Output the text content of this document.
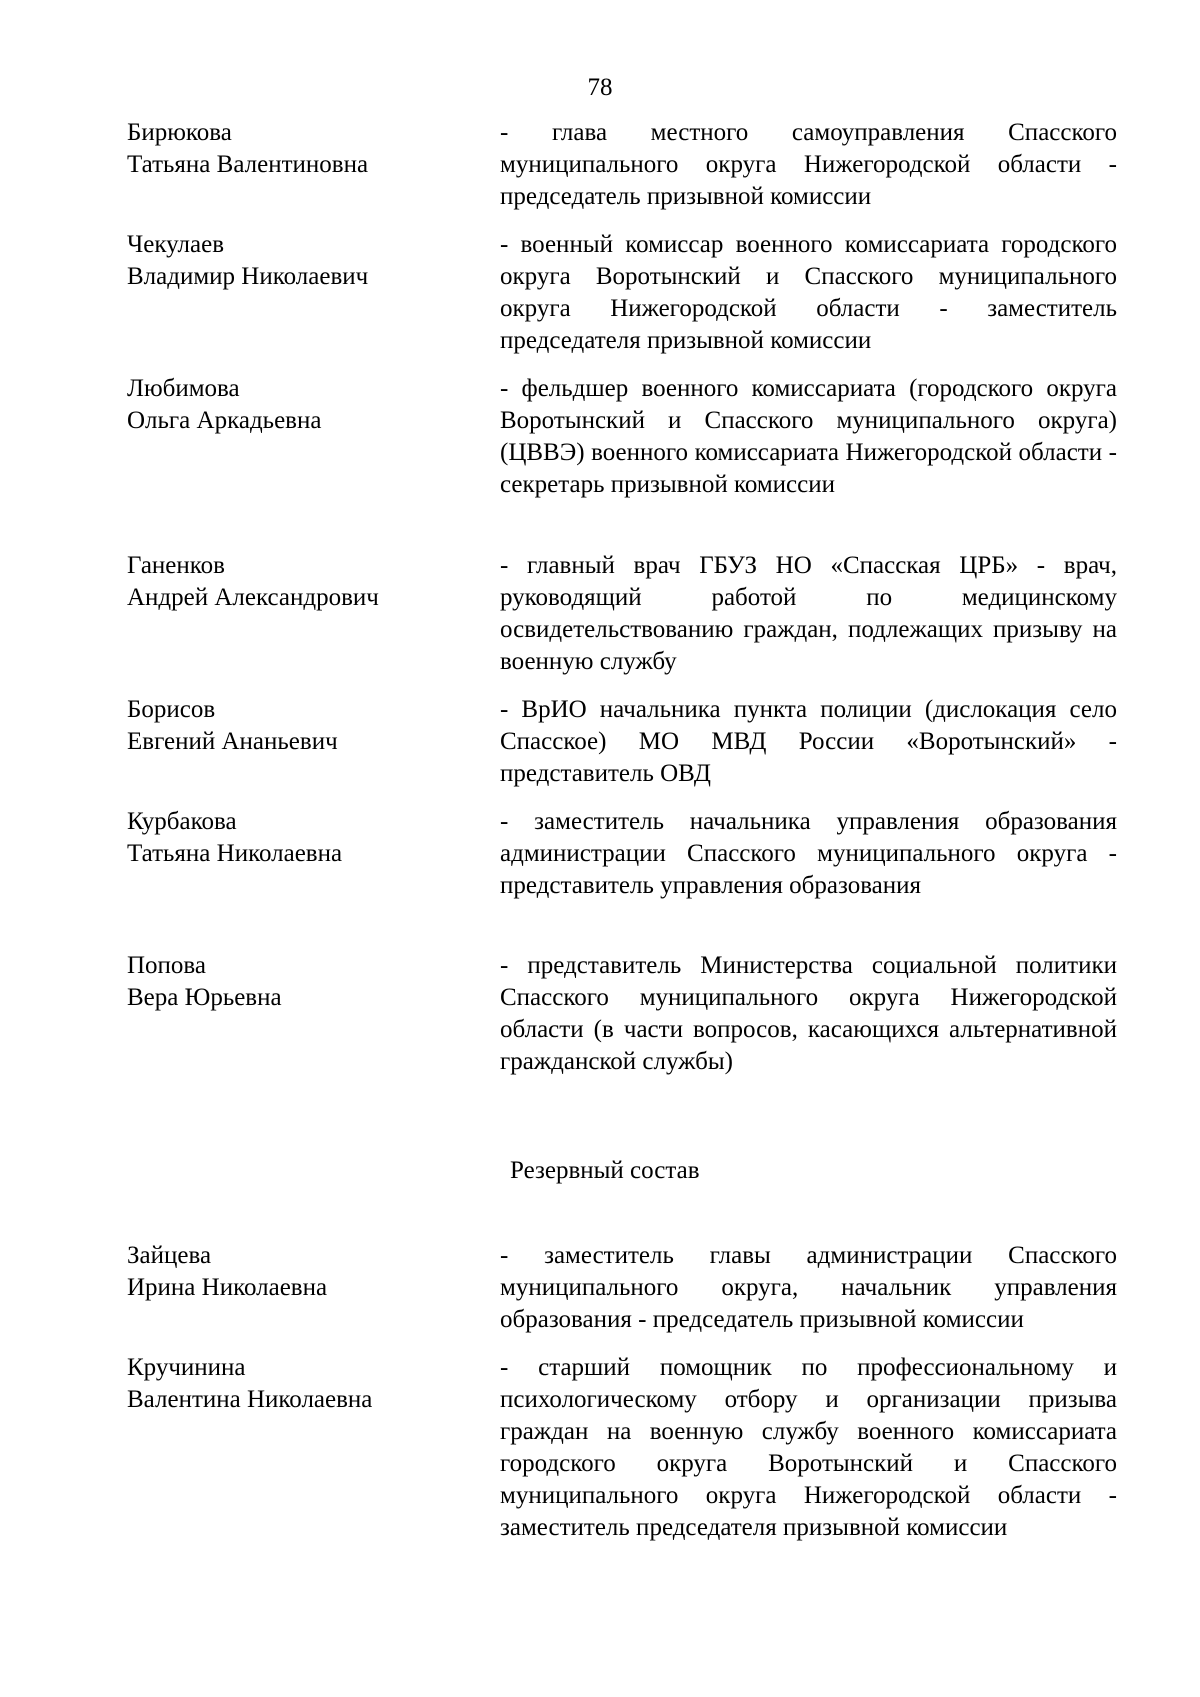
78
Бирюкова
Татьяна Валентиновна
- глава местного самоуправления Спасского муниципального округа Нижегородской области - председатель призывной комиссии
Чекулаев
Владимир Николаевич
- военный комиссар военного комиссариата городского округа Воротынский и Спасского муниципального округа Нижегородской области - заместитель председателя призывной комиссии
Любимова
Ольга Аркадьевна
- фельдшер военного комиссариата (городского округа Воротынский и Спасского муниципального округа) (ЦВВЭ) военного комиссариата Нижегородской области - секретарь призывной комиссии
Ганенков
Андрей Александрович
- главный врач ГБУЗ НО «Спасская ЦРБ» - врач, руководящий работой по медицинскому освидетельствованию граждан, подлежащих призыву на военную службу
Борисов
Евгений Ананьевич
- ВрИО начальника пункта полиции (дислокация село Спасское) МО МВД России «Воротынский» - представитель ОВД
Курбакова
Татьяна Николаевна
- заместитель начальника управления образования администрации Спасского муниципального округа - представитель управления образования
Попова
Вера Юрьевна
- представитель Министерства социальной политики Спасского муниципального округа Нижегородской области (в части вопросов, касающихся альтернативной гражданской службы)
Резервный состав
Зайцева
Ирина Николаевна
- заместитель главы администрации Спасского муниципального округа, начальник управления образования - председатель призывной комиссии
Кручинина
Валентина Николаевна
- старший помощник по профессиональному и психологическому отбору и организации призыва граждан на военную службу военного комиссариата городского округа Воротынский и Спасского муниципального округа Нижегородской области - заместитель председателя призывной комиссии
